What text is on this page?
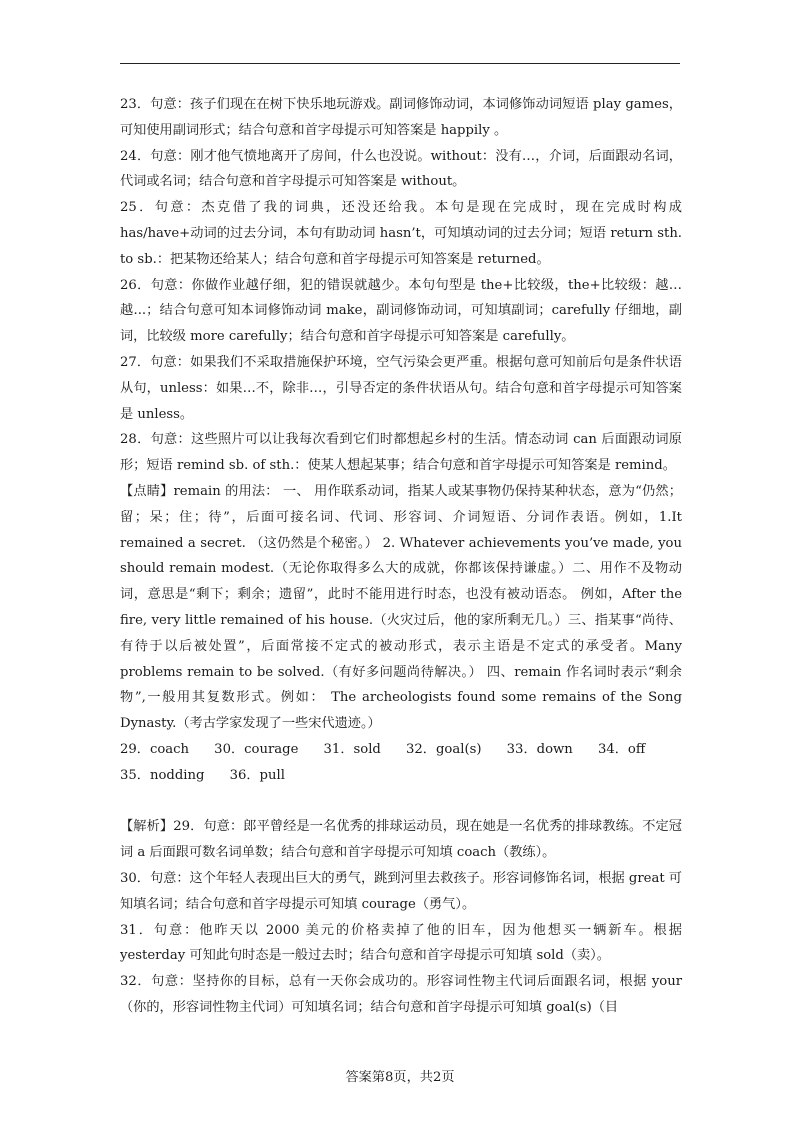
23．句意：孩子们现在在树下快乐地玩游戏。副词修饰动词，本词修饰动词短语 play games，可知使用副词形式；结合句意和首字母提示可知答案是 happily 。

24．句意：刚才他气愤地离开了房间，什么也没说。without：没有…，介词，后面跟动名词，代词或名词；结合句意和首字母提示可知答案是 without。

25．句意：杰克借了我的词典，还没还给我。本句是现在完成时，现在完成时构成 has/have+动词的过去分词，本句有助动词 hasn’t，可知填动词的过去分词；短语 return sth. to sb.：把某物还给某人；结合句意和首字母提示可知答案是 returned。

26．句意：你做作业越仔细，犯的错误就越少。本句句型是 the+比较级，the+比较级：越…越...；结合句意可知本词修饰动词 make，副词修饰动词，可知填副词；carefully 仔细地，副词，比较级 more carefully；结合句意和首字母提示可知答案是 carefully。

27．句意：如果我们不采取措施保护环境，空气污染会更严重。根据句意可知前后句是条件状语从句，unless：如果…不，除非…，引导否定的条件状语从句。结合句意和首字母提示可知答案是 unless。

28．句意：这些照片可以让我每次看到它们时都想起乡村的生活。情态动词 can 后面跟动词原形；短语 remind sb. of sth.：使某人想起某事；结合句意和首字母提示可知答案是 remind。

【点睛】remain 的用法： 一、 用作联系动词，指某人或某事物仍保持某种状态，意为“仍然；留；呆；住；待”，后面可接名词、代词、形容词、介词短语、分词作表语。例如，1.It remained a secret. （这仍然是个秘密。） 2. Whatever achievements you’ve made, you should remain modest.（无论你取得多么大的成就，你都该保持谦虚。）二、用作不及物动词，意思是“剩下；剩余；遗留”，此时不能用进行时态，也没有被动语态。 例如，After the fire, very little remained of his house.（火灾过后，他的家所剩无几。）三、指某事“尚待、有待于以后被处置”，后面常接不定式的被动形式，表示主语是不定式的承受者。Many problems remain to be solved.（有好多问题尚待解决。） 四、remain 作名词时表示“剩余物”,一般用其复数形式。例如： The archeologists found some remains of the Song Dynasty.（考古学家发现了一些宋代遗迹。）

29．coach      30．courage      31．sold      32．goal(s)      33．down      34．off      35．nodding      36．pull

【解析】29．句意：郎平曾经是一名优秀的排球运动员，现在她是一名优秀的排球教练。不定冠词 a 后面跟可数名词单数；结合句意和首字母提示可知填 coach（教练）。

30．句意：这个年轻人表现出巨大的勇气，跳到河里去救孩子。形容词修饰名词，根据 great 可知填名词；结合句意和首字母提示可知填 courage（勇气）。

31．句意：他昨天以 2000 美元的价格卖掉了他的旧车，因为他想买一辆新车。根据 yesterday 可知此句时态是一般过去时；结合句意和首字母提示可知填 sold（卖）。

32．句意：坚持你的目标，总有一天你会成功的。形容词性物主代词后面跟名词，根据 your（你的，形容词性物主代词）可知填名词；结合句意和首字母提示可知填 goal(s)（目

答案第8页，共2页
